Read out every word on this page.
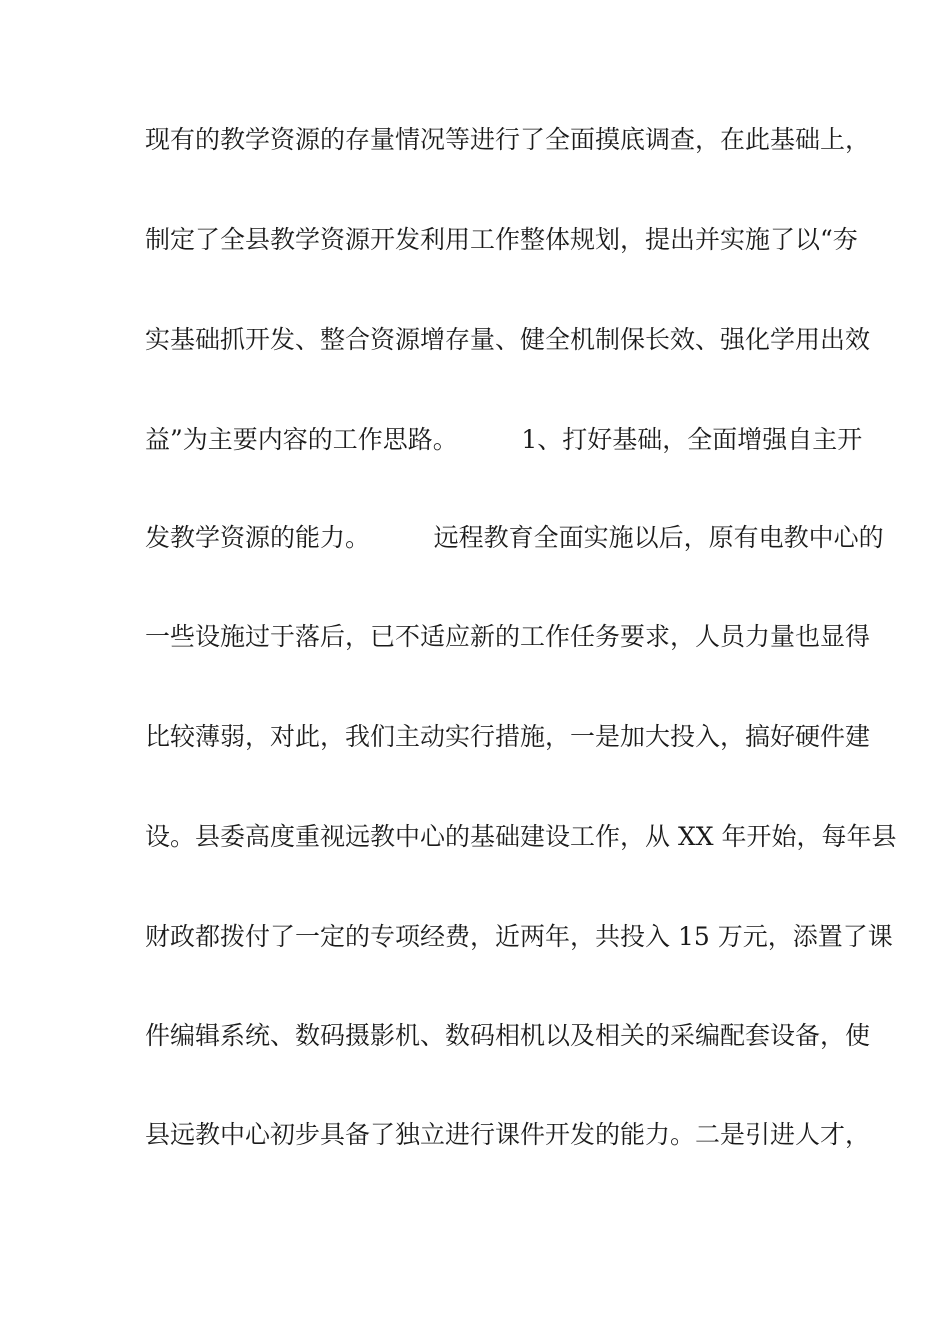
现有的教学资源的存量情况等进行了全面摸底调查，在此基础上，
制定了全县教学资源开发利用工作整体规划，提出并实施了以“夯
实基础抓开发、整合资源增存量、健全机制保长效、强化学用出效
益”为主要内容的工作思路。        1、打好基础，全面增强自主开
发教学资源的能力。        远程教育全面实施以后，原有电教中心的
一些设施过于落后，已不适应新的工作任务要求，人员力量也显得
比较薄弱，对此，我们主动实行措施，一是加大投入，搞好硬件建
设。县委高度重视远教中心的基础建设工作，从 XX 年开始，每年县
财政都拨付了一定的专项经费，近两年，共投入 15 万元，添置了课
件编辑系统、数码摄影机、数码相机以及相关的采编配套设备，使
县远教中心初步具备了独立进行课件开发的能力。二是引进人才，
